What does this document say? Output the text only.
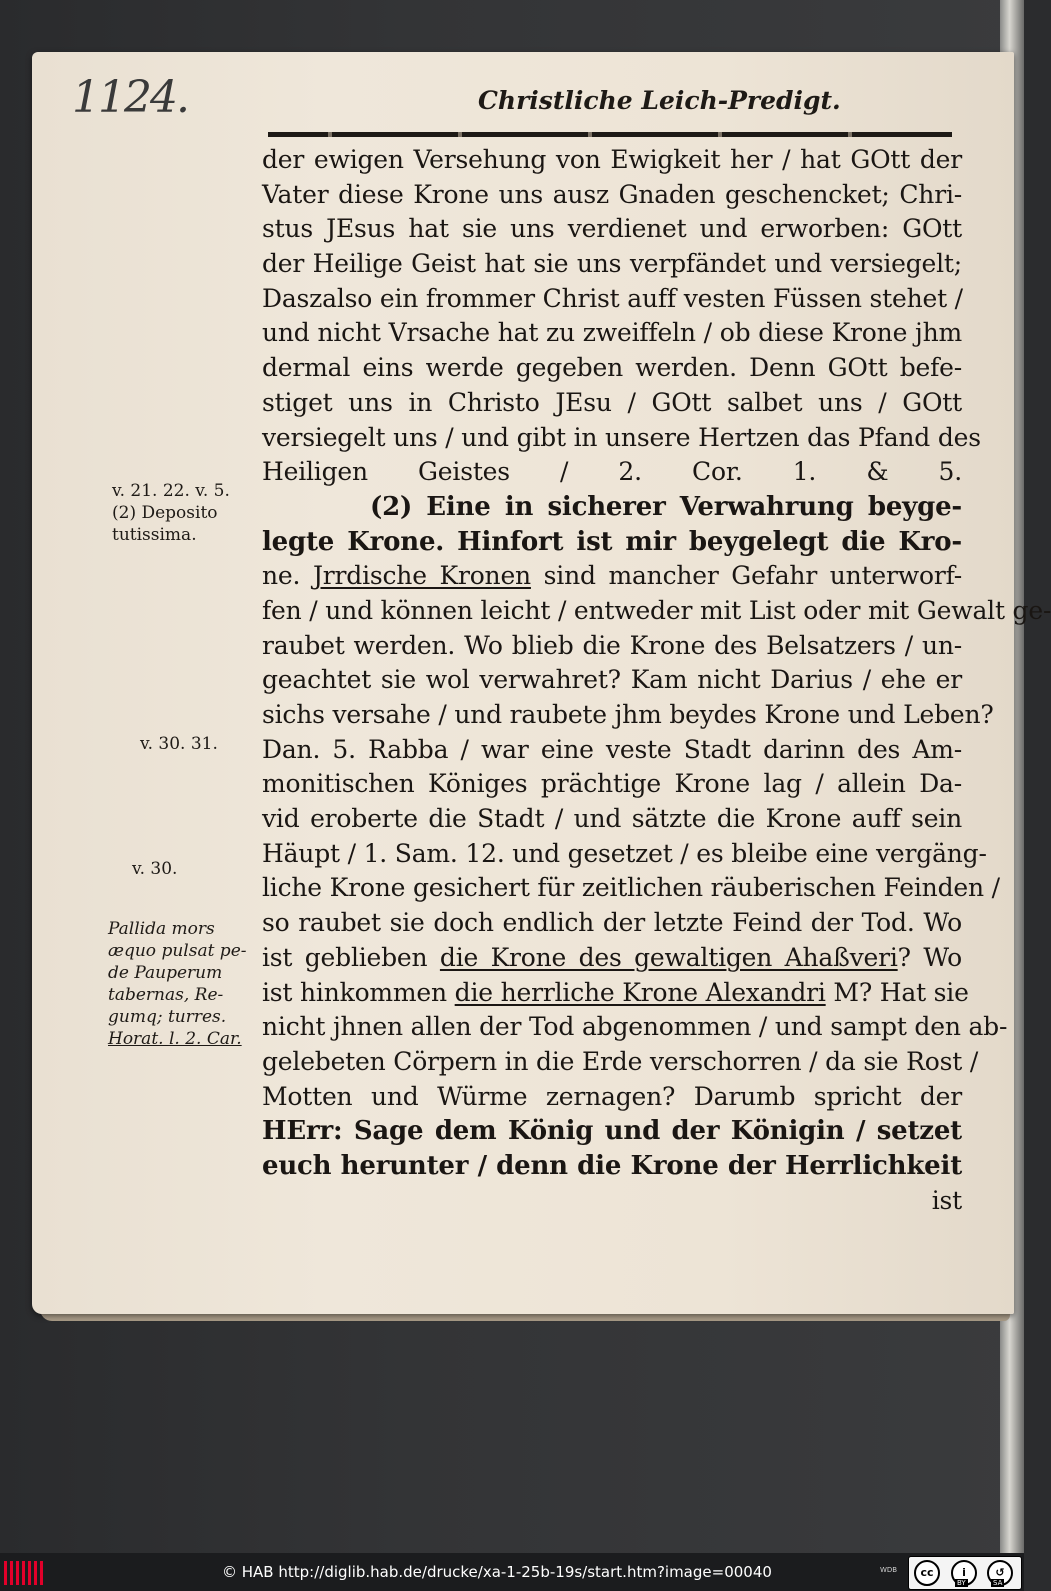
1124.	Christliche Leich-Predigt.
der ewigen Versehung von Ewigkeit her / hat GOtt der
Vater diese Krone uns ausz Gnaden geschencket; Chri-
stus JEsus hat sie uns verdienet und erworben: GOtt
der Heilige Geist hat sie uns verpfändet und versiegelt;
Daszalso ein frommer Christ auff vesten Füssen stehet /
und nicht Vrsache hat zu zweiffeln / ob diese Krone jhm
dermal eins werde gegeben werden. Denn GOtt befe-
stiget uns in Christo JEsu / GOtt salbet uns / GOtt
versiegelt uns / und gibt in unsere Hertzen das Pfand des
Heiligen Geistes / 2. Cor. 1. & 5.
(2) Eine in sicherer Verwahrung beyge-
legte Krone. Hinfort ist mir beygelegt die Kro-
ne. Jrrdische Kronen sind mancher Gefahr unterworf-
fen / und können leicht / entweder mit List oder mit Gewalt ge-
raubet werden. Wo blieb die Krone des Belsatzers / un-
geachtet sie wol verwahret? Kam nicht Darius / ehe er
sichs versahe / und raubete jhm beydes Krone und Leben?
Dan. 5. Rabba / war eine veste Stadt darinn des Am-
monitischen Königes prächtige Krone lag / allein Da-
vid eroberte die Stadt / und sätzte die Krone auff sein
Häupt / 1. Sam. 12. und gesetzet / es bleibe eine vergäng-
liche Krone gesichert für zeitlichen räuberischen Feinden /
so raubet sie doch endlich der letzte Feind der Tod. Wo
ist geblieben die Krone des gewaltigen Ahaßveri? Wo
ist hinkommen die herrliche Krone Alexandri M? Hat sie
nicht jhnen allen der Tod abgenommen / und sampt den ab-
gelebeten Cörpern in die Erde verschorren / da sie Rost /
Motten und Würme zernagen? Darumb spricht der
HErr: Sage dem König und der Königin / setzet
euch herunter / denn die Krone der Herrlichkeit
ist
v. 21. 22. v. 5.
(2) Deposito
tutissima.
v. 30. 31.
v. 30.
Pallida mors
æquo pulsat pe-
de Pauperum
tabernas, Re-
gumq; turres.
Horat. l. 2. Car.
© HAB http://diglib.hab.de/drucke/xa-1-25b-19s/start.htm?image=00040	WDB	cc	i	↺
BY	SA
